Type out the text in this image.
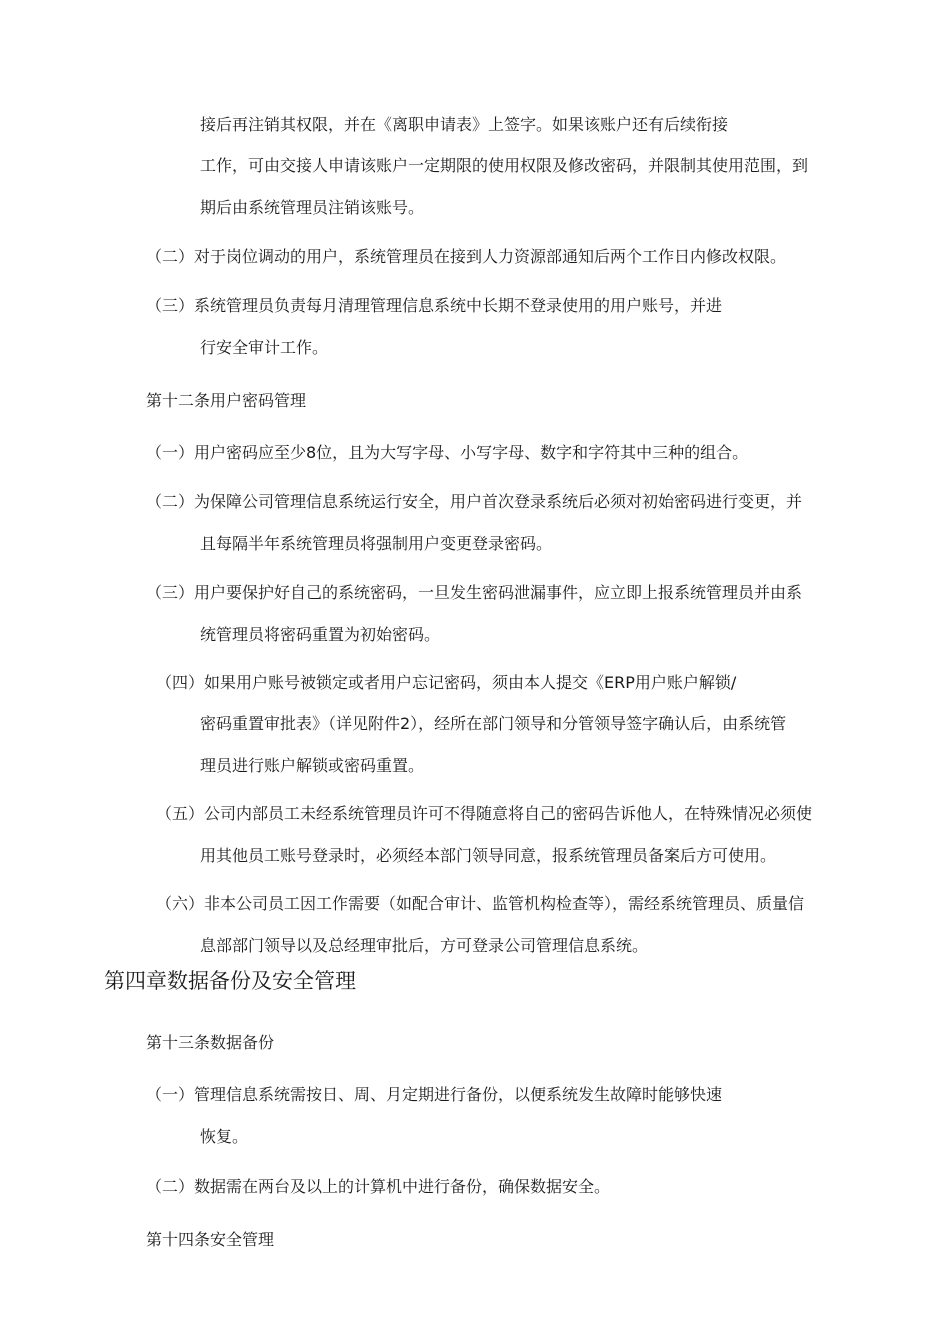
接后再注销其权限，并在《离职申请表》上签字。如果该账户还有后续衔接
工作，可由交接人申请该账户一定期限的使用权限及修改密码，并限制其使用范围，到
期后由系统管理员注销该账号。
（二）对于岗位调动的用户，系统管理员在接到人力资源部通知后两个工作日内修改权限。
（三）系统管理员负责每月清理管理信息系统中长期不登录使用的用户账号，并进
行安全审计工作。
第十二条用户密码管理
（一）用户密码应至少8位，且为大写字母、小写字母、数字和字符其中三种的组合。
（二）为保障公司管理信息系统运行安全，用户首次登录系统后必须对初始密码进行变更，并
且每隔半年系统管理员将强制用户变更登录密码。
（三）用户要保护好自己的系统密码，一旦发生密码泄漏事件，应立即上报系统管理员并由系
统管理员将密码重置为初始密码。
（四）如果用户账号被锁定或者用户忘记密码，须由本人提交《ERP用户账户解锁/
密码重置审批表》（详见附件2），经所在部门领导和分管领导签字确认后，由系统管
理员进行账户解锁或密码重置。
（五）公司内部员工未经系统管理员许可不得随意将自己的密码告诉他人，在特殊情况必须使
用其他员工账号登录时，必须经本部门领导同意，报系统管理员备案后方可使用。
（六）非本公司员工因工作需要（如配合审计、监管机构检查等），需经系统管理员、质量信
息部部门领导以及总经理审批后，方可登录公司管理信息系统。
第四章数据备份及安全管理
第十三条数据备份
（一）管理信息系统需按日、周、月定期进行备份，以便系统发生故障时能够快速
恢复。
（二）数据需在两台及以上的计算机中进行备份，确保数据安全。
第十四条安全管理
